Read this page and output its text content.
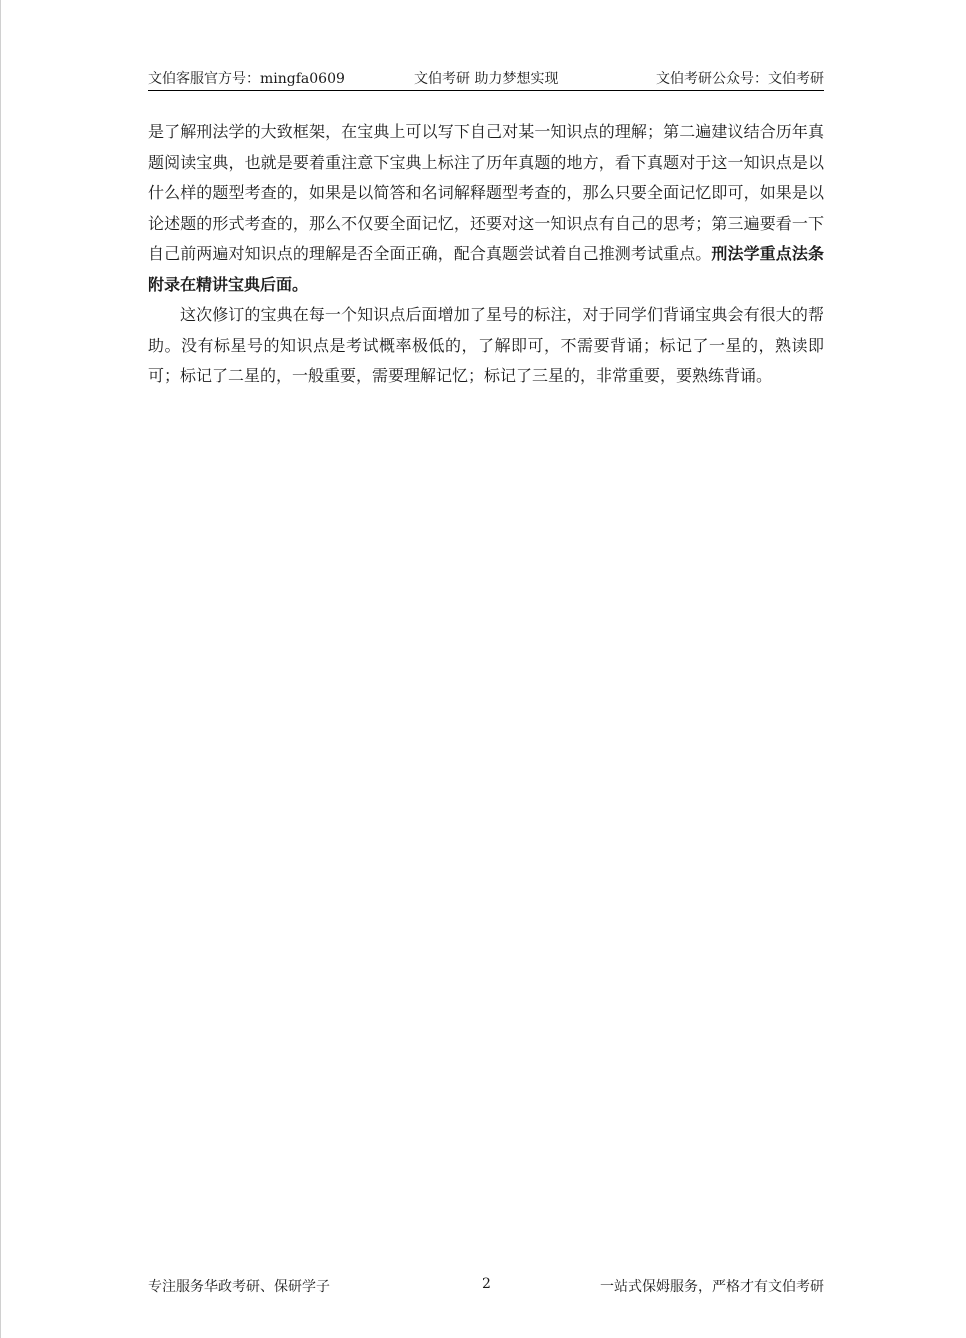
文伯客服官方号：mingfa0609	文伯考研 助力梦想实现	文伯考研公众号：文伯考研

是了解刑法学的大致框架，在宝典上可以写下自己对某一知识点的理解；第二遍建议结合历年真题阅读宝典，也就是要着重注意下宝典上标注了历年真题的地方，看下真题对于这一知识点是以什么样的题型考查的，如果是以简答和名词解释题型考查的，那么只要全面记忆即可，如果是以论述题的形式考查的，那么不仅要全面记忆，还要对这一知识点有自己的思考；第三遍要看一下自己前两遍对知识点的理解是否全面正确，配合真题尝试着自己推测考试重点。刑法学重点法条附录在精讲宝典后面。

这次修订的宝典在每一个知识点后面增加了星号的标注，对于同学们背诵宝典会有很大的帮助。没有标星号的知识点是考试概率极低的，了解即可，不需要背诵；标记了一星的，熟读即可；标记了二星的，一般重要，需要理解记忆；标记了三星的，非常重要，要熟练背诵。

专注服务华政考研、保研学子	2	一站式保姆服务，严格才有文伯考研
